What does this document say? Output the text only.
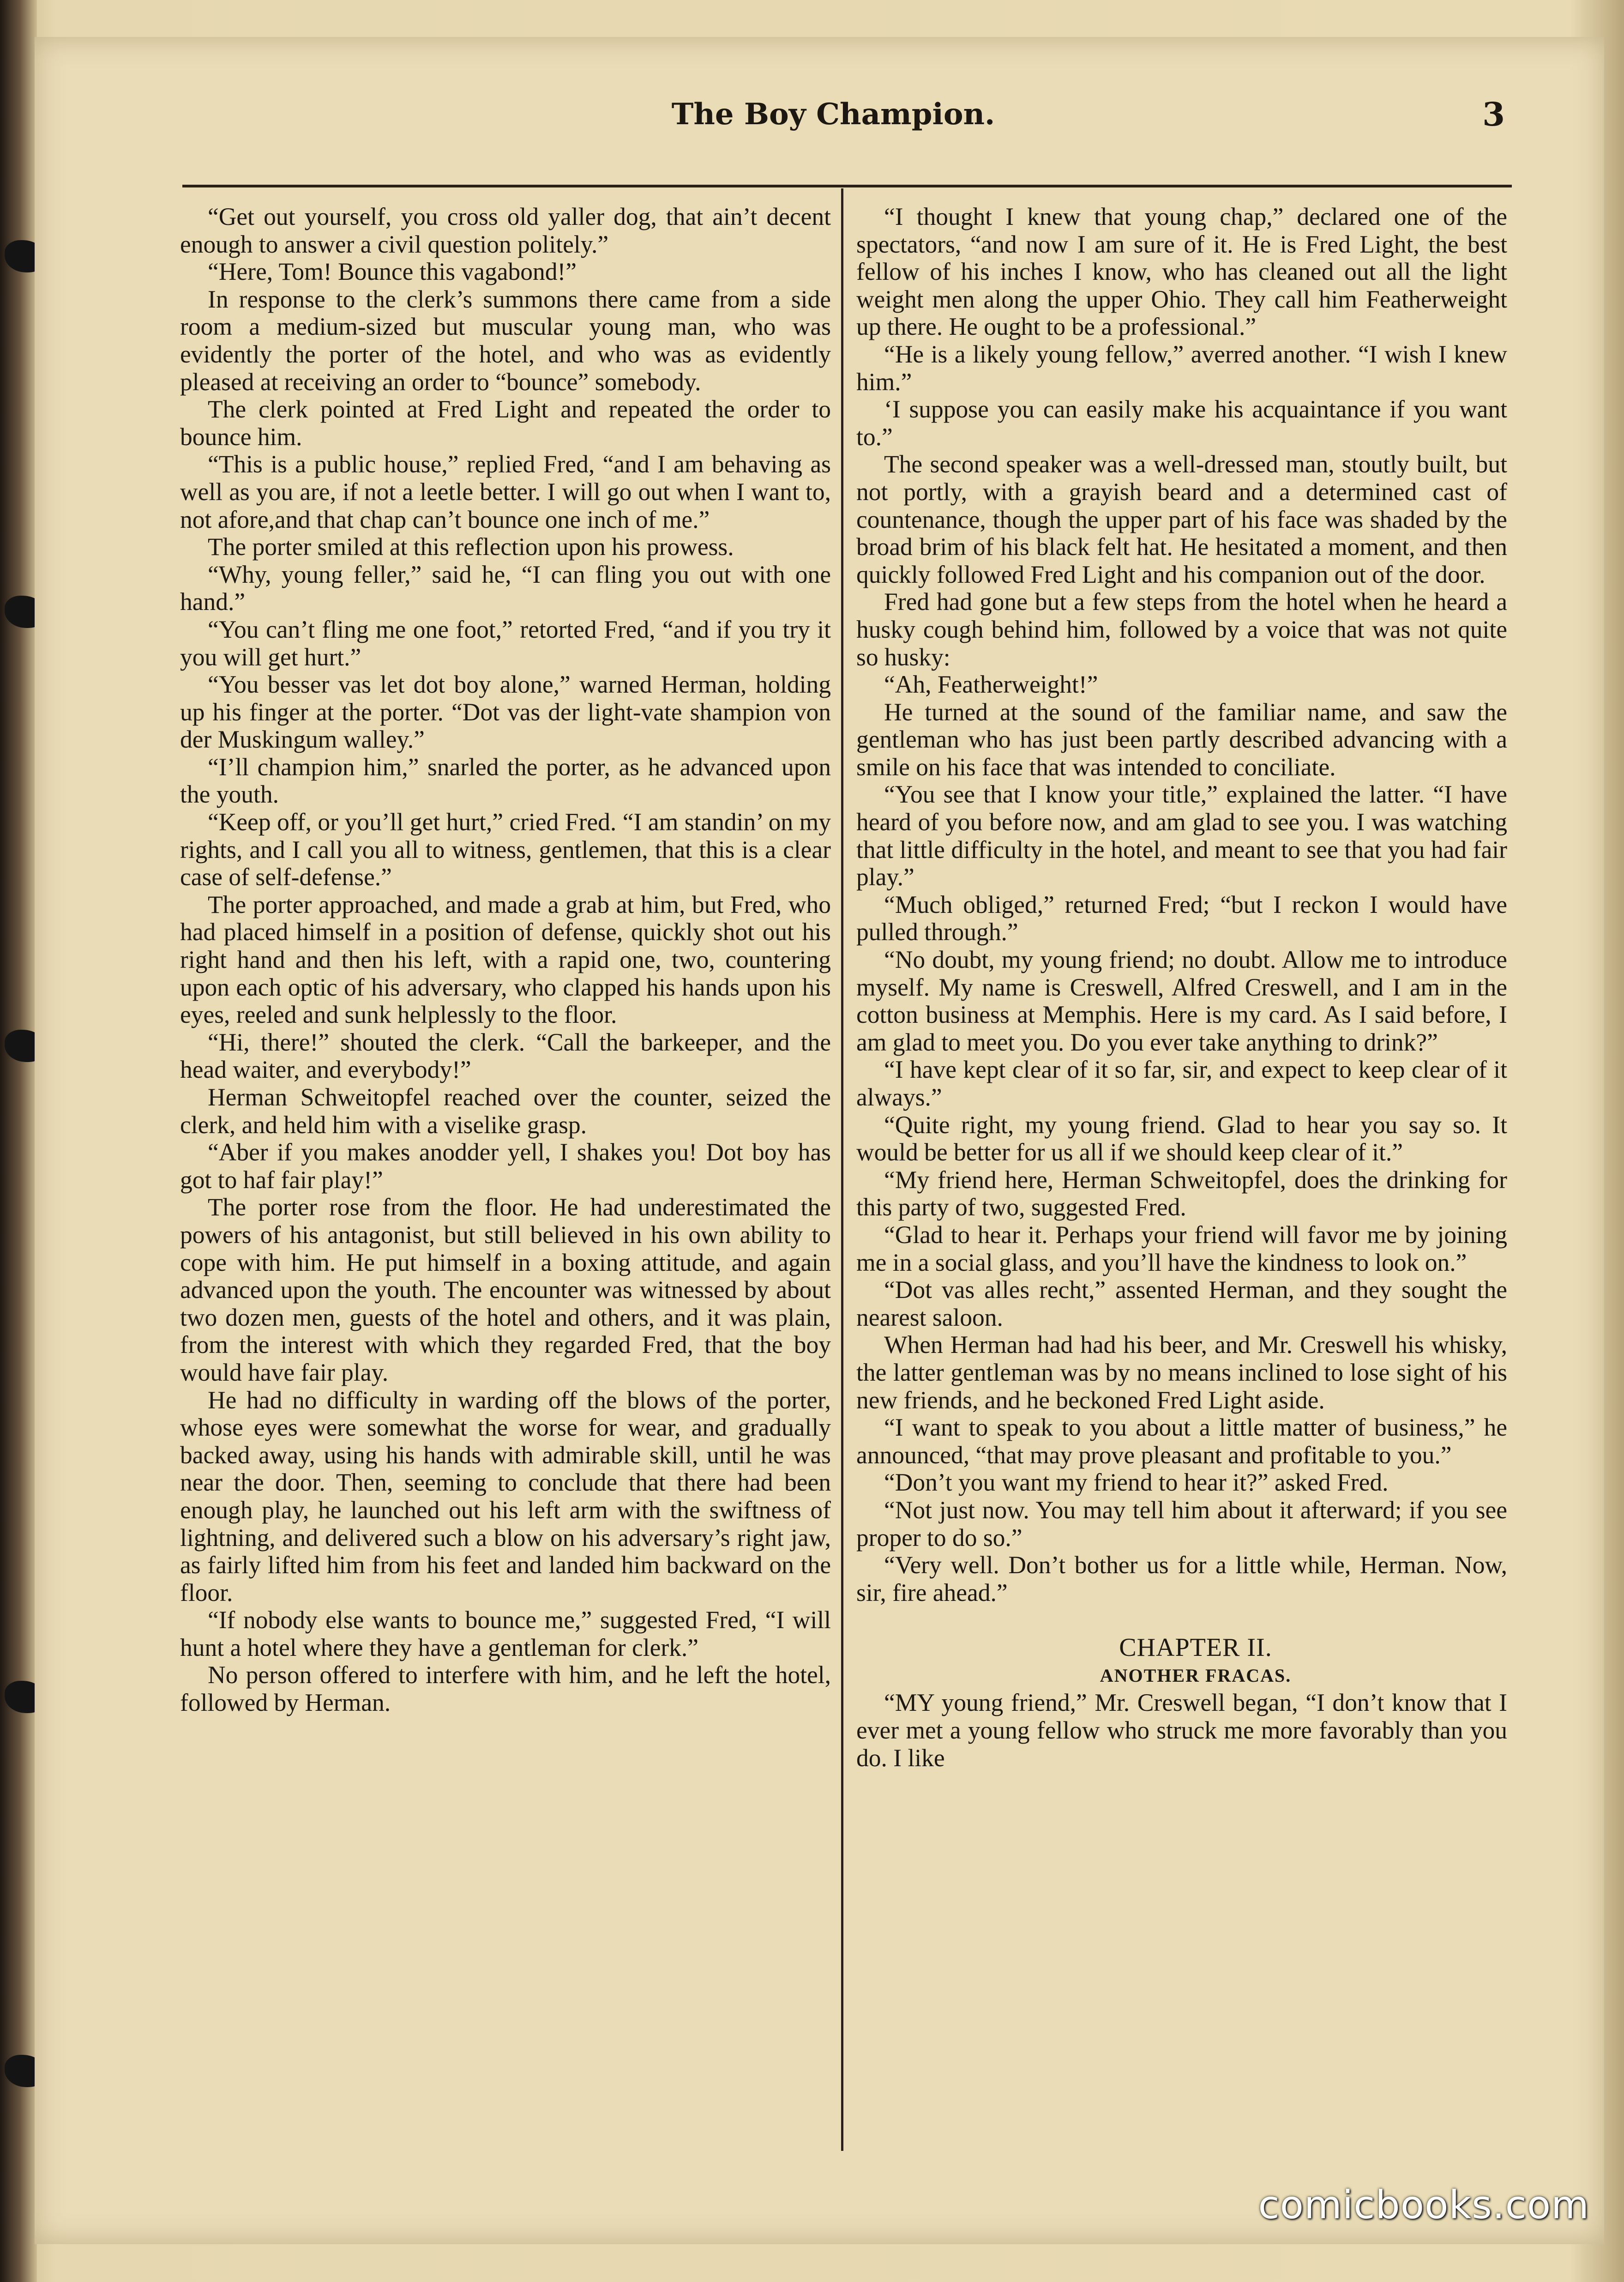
The Boy Champion.	3

“Get out yourself, you cross old yaller dog, that ain’t decent enough to answer a civil question politely.”

“Here, Tom! Bounce this vagabond!”

In response to the clerk’s summons there came from a side room a medium-sized but muscular young man, who was evidently the porter of the hotel, and who was as evidently pleased at receiving an order to “bounce” somebody.

The clerk pointed at Fred Light and repeated the order to bounce him.

“This is a public house,” replied Fred, “and I am behaving as well as you are, if not a leetle better. I will go out when I want to, not afore,and that chap can’t bounce one inch of me.”

The porter smiled at this reflection upon his prowess.

“Why, young feller,” said he, “I can fling you out with one hand.”

“You can’t fling me one foot,” retorted Fred, “and if you try it you will get hurt.”

“You besser vas let dot boy alone,” warned Herman, holding up his finger at the porter. “Dot vas der light-vate shampion von der Muskingum walley.”

“I’ll champion him,” snarled the porter, as he advanced upon the youth.

“Keep off, or you’ll get hurt,” cried Fred. “I am standin’ on my rights, and I call you all to witness, gentlemen, that this is a clear case of self-defense.”

The porter approached, and made a grab at him, but Fred, who had placed himself in a position of defense, quickly shot out his right hand and then his left, with a rapid one, two, countering upon each optic of his adversary, who clapped his hands upon his eyes, reeled and sunk helplessly to the floor.

“Hi, there!” shouted the clerk. “Call the barkeeper, and the head waiter, and everybody!”

Herman Schweitopfel reached over the counter, seized the clerk, and held him with a viselike grasp.

“Aber if you makes anodder yell, I shakes you! Dot boy has got to haf fair play!”

The porter rose from the floor. He had underestimated the powers of his antagonist, but still believed in his own ability to cope with him. He put himself in a boxing attitude, and again advanced upon the youth. The encounter was witnessed by about two dozen men, guests of the hotel and others, and it was plain, from the interest with which they regarded Fred, that the boy would have fair play.

He had no difficulty in warding off the blows of the porter, whose eyes were somewhat the worse for wear, and gradually backed away, using his hands with admirable skill, until he was near the door. Then, seeming to conclude that there had been enough play, he launched out his left arm with the swiftness of lightning, and delivered such a blow on his adversary’s right jaw, as fairly lifted him from his feet and landed him backward on the floor.

“If nobody else wants to bounce me,” suggested Fred, “I will hunt a hotel where they have a gentleman for clerk.”

No person offered to interfere with him, and he left the hotel, followed by Herman.

“I thought I knew that young chap,” declared one of the spectators, “and now I am sure of it. He is Fred Light, the best fellow of his inches I know, who has cleaned out all the light weight men along the upper Ohio. They call him Featherweight up there. He ought to be a professional.”

“He is a likely young fellow,” averred another. “I wish I knew him.”

‘I suppose you can easily make his acquaintance if you want to.”

The second speaker was a well-dressed man, stoutly built, but not portly, with a grayish beard and a determined cast of countenance, though the upper part of his face was shaded by the broad brim of his black felt hat. He hesitated a moment, and then quickly followed Fred Light and his companion out of the door.

Fred had gone but a few steps from the hotel when he heard a husky cough behind him, followed by a voice that was not quite so husky:

“Ah, Featherweight!”

He turned at the sound of the familiar name, and saw the gentleman who has just been partly described advancing with a smile on his face that was intended to conciliate.

“You see that I know your title,” explained the latter. “I have heard of you before now, and am glad to see you. I was watching that little difficulty in the hotel, and meant to see that you had fair play.”

“Much obliged,” returned Fred; “but I reckon I would have pulled through.”

“No doubt, my young friend; no doubt. Allow me to introduce myself. My name is Creswell, Alfred Creswell, and I am in the cotton business at Memphis. Here is my card. As I said before, I am glad to meet you. Do you ever take anything to drink?”

“I have kept clear of it so far, sir, and expect to keep clear of it always.”

“Quite right, my young friend. Glad to hear you say so. It would be better for us all if we should keep clear of it.”

“My friend here, Herman Schweitopfel, does the drinking for this party of two, suggested Fred.

“Glad to hear it. Perhaps your friend will favor me by joining me in a social glass, and you’ll have the kindness to look on.”

“Dot vas alles recht,” assented Herman, and they sought the nearest saloon.

When Herman had had his beer, and Mr. Creswell his whisky, the latter gentleman was by no means inclined to lose sight of his new friends, and he beckoned Fred Light aside.

“I want to speak to you about a little matter of business,” he announced, “that may prove pleasant and profitable to you.”

“Don’t you want my friend to hear it?” asked Fred.

“Not just now. You may tell him about it afterward; if you see proper to do so.”

“Very well. Don’t bother us for a little while, Herman. Now, sir, fire ahead.”

CHAPTER II.

ANOTHER FRACAS.

“MY young friend,” Mr. Creswell began, “I don’t know that I ever met a young fellow who struck me more favorably than you do. I like

comicbooks.com
